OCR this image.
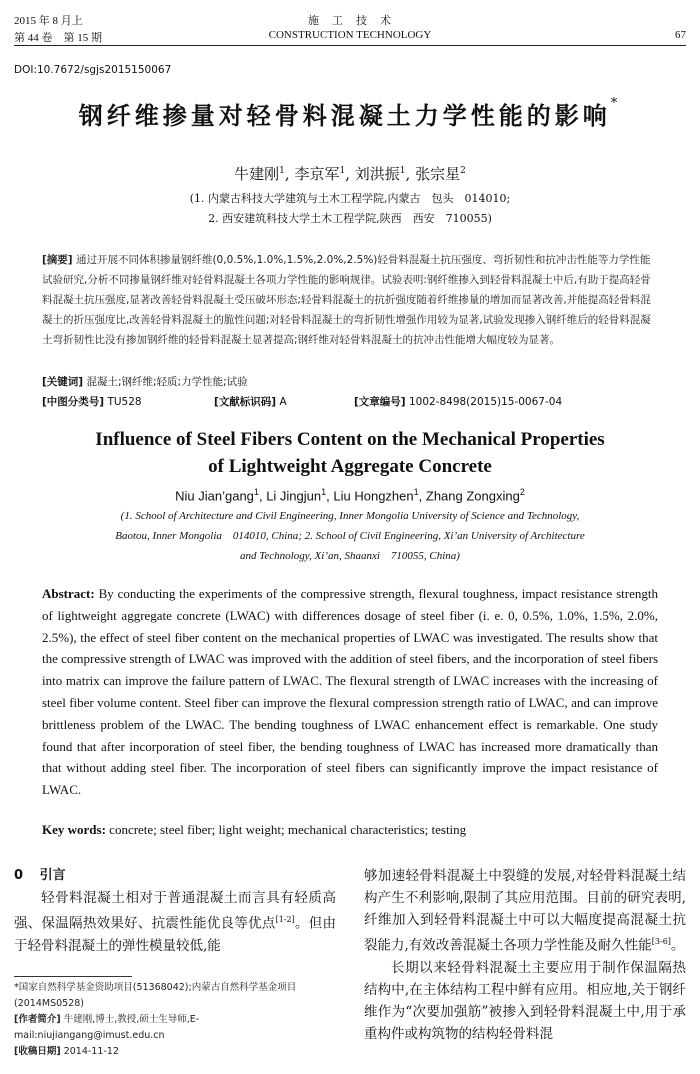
2015 年 8 月上
第 44 卷　第 15 期
施　工　技　术
CONSTRUCTION TECHNOLOGY	67
DOI:10.7672/sgjs2015150067
钢纤维掺量对轻骨料混凝土力学性能的影响*
牛建刚$^1$, 李京军$^1$, 刘洪振$^1$, 张宗星$^2$
(1. 内蒙古科技大学建筑与土木工程学院,内蒙古　包头　014010;
2. 西安建筑科技大学土木工程学院,陕西　西安　710055)
[摘要] 通过开展不同体积掺量钢纤维(0,0.5%,1.0%,1.5%,2.0%,2.5%)轻骨料混凝土抗压强度、弯折韧性和抗冲击性能等力学性能试验研究,分析不同掺量钢纤维对轻骨料混凝土各项力学性能的影响规律。试验表明:钢纤维掺入到轻骨料混凝土中后,有助于提高轻骨料混凝土抗压强度,显著改善轻骨料混凝土受压破坏形态;轻骨料混凝土的抗折强度随着纤维掺量的增加而显著改善,并能提高轻骨料混凝土的折压强度比,改善轻骨料混凝土的脆性问题;对轻骨料混凝土的弯折韧性增强作用较为显著,试验发现掺入钢纤维后的轻骨料混凝土弯折韧性比没有掺加钢纤维的轻骨料混凝土显著提高;钢纤维对轻骨料混凝土的抗冲击性能增大幅度较为显著。
[关键词] 混凝土;钢纤维;轻质;力学性能;试验
[中图分类号] TU528	[文献标识码] A	[文章编号] 1002-8498(2015)15-0067-04
Influence of Steel Fibers Content on the Mechanical Properties
of Lightweight Aggregate Concrete
Niu Jian’gang$^1$, Li Jingjun$^1$, Liu Hongzhen$^1$, Zhang Zongxing$^2$
(1. School of Architecture and Civil Engineering, Inner Mongolia University of Science and Technology,
Baotou, Inner Mongolia　014010, China; 2. School of Civil Engineering, Xi’an University of Architecture
and Technology, Xi’an, Shaanxi　710055, China)
Abstract: By conducting the experiments of the compressive strength, flexural toughness, impact resistance strength of lightweight aggregate concrete (LWAC) with differences dosage of steel fiber (i. e. 0, 0.5%, 1.0%, 1.5%, 2.0%, 2.5%), the effect of steel fiber content on the mechanical properties of LWAC was investigated. The results show that the compressive strength of LWAC was improved with the addition of steel fibers, and the incorporation of steel fibers into matrix can improve the failure pattern of LWAC. The flexural strength of LWAC increases with the increasing of steel fiber volume content. Steel fiber can improve the flexural compression strength ratio of LWAC, and can improve brittleness problem of the LWAC. The bending toughness of LWAC enhancement effect is remarkable. One study found that after incorporation of steel fiber, the bending toughness of LWAC has increased more dramatically than that without adding steel fiber. The incorporation of steel fibers can significantly improve the impact resistance of LWAC.
Key words: concrete; steel fiber; light weight; mechanical characteristics; testing
0 引言
轻骨料混凝土相对于普通混凝土而言具有轻质高强、保温隔热效果好、抗震性能优良等优点[1-2]。但由于轻骨料混凝土的弹性模量较低,能
*国家自然科学基金资助项目(51368042);内蒙古自然科学基金项目(2014MS0528)
[作者简介] 牛建刚,博士,教授,硕士生导师,E-mail:niujiangang@imust.edu.cn
[收稿日期] 2014-11-12
够加速轻骨料混凝土中裂缝的发展,对轻骨料混凝土结构产生不利影响,限制了其应用范围。目前的研究表明,纤维加入到轻骨料混凝土中可以大幅度提高混凝土抗裂能力,有效改善混凝土各项力学性能及耐久性能[3-6]。
长期以来轻骨料混凝土主要应用于制作保温隔热结构中,在主体结构工程中鲜有应用。相应地,关于钢纤维作为“次要加强筋”被掺入到轻骨料混凝土中,用于承重构件或构筑物的结构轻骨料混
